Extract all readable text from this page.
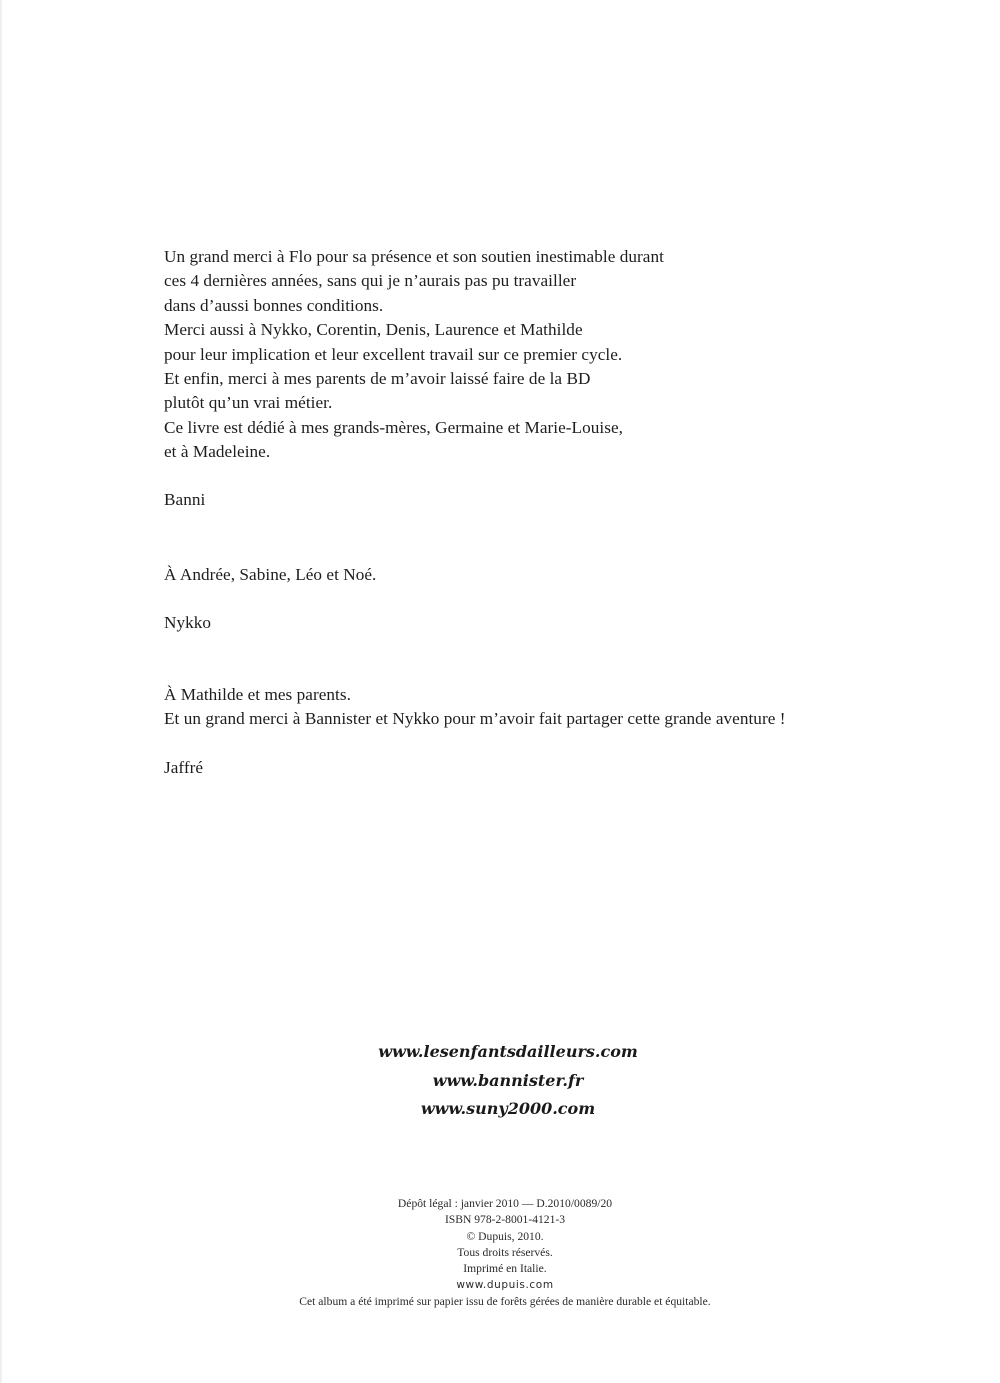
Un grand merci à Flo pour sa présence et son soutien inestimable durant
ces 4 dernières années, sans qui je n’aurais pas pu travailler
dans d’aussi bonnes conditions.
Merci aussi à Nykko, Corentin, Denis, Laurence et Mathilde
pour leur implication et leur excellent travail sur ce premier cycle.
Et enfin, merci à mes parents de m’avoir laissé faire de la BD
plutôt qu’un vrai métier.
Ce livre est dédié à mes grands-mères, Germaine et Marie-Louise,
et à Madeleine.
Banni
À Andrée, Sabine, Léo et Noé.
Nykko
À Mathilde et mes parents.
Et un grand merci à Bannister et Nykko pour m’avoir fait partager cette grande aventure !
Jaffré
www.lesenfantsdailleurs.com
www.bannister.fr
www.suny2000.com
Dépôt légal : janvier 2010 — D.2010/0089/20
ISBN 978-2-8001-4121-3
© Dupuis, 2010.
Tous droits réservés.
Imprimé en Italie.
www.dupuis.com
Cet album a été imprimé sur papier issu de forêts gérées de manière durable et équitable.
